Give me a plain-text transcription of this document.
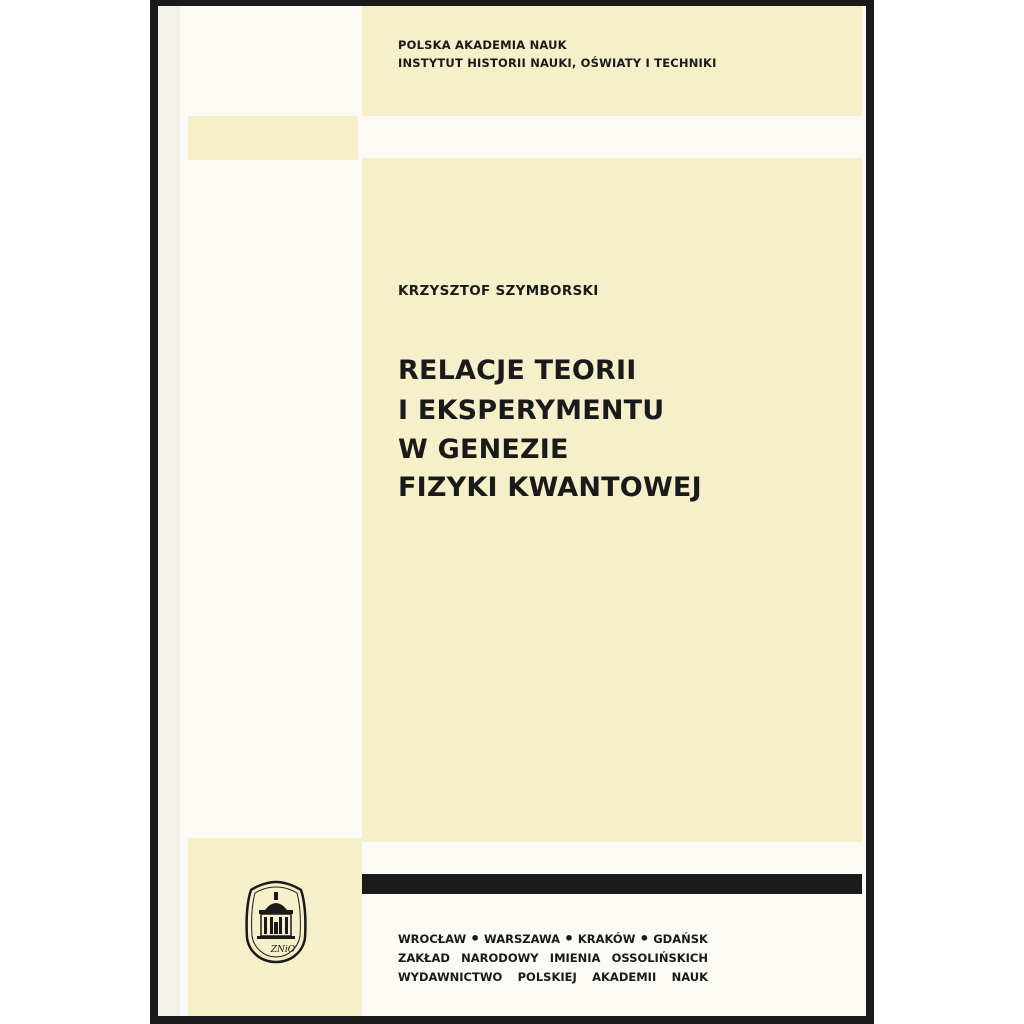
POLSKA AKADEMIA NAUK

INSTYTUT HISTORII NAUKI, OŚWIATY I TECHNIKI

KRZYSZTOF SZYMBORSKI

RELACJE TEORII

I EKSPERYMENTU

W GENEZIE

FIZYKI KWANTOWEJ

WROCŁAW • WARSZAWA • KRAKÓW • GDAŃSK
ZAKŁAD NARODOWY IMIENIA OSSOLIŃSKICH
WYDAWNICTWO POLSKIEJ AKADEMII NAUK
ZNiO
